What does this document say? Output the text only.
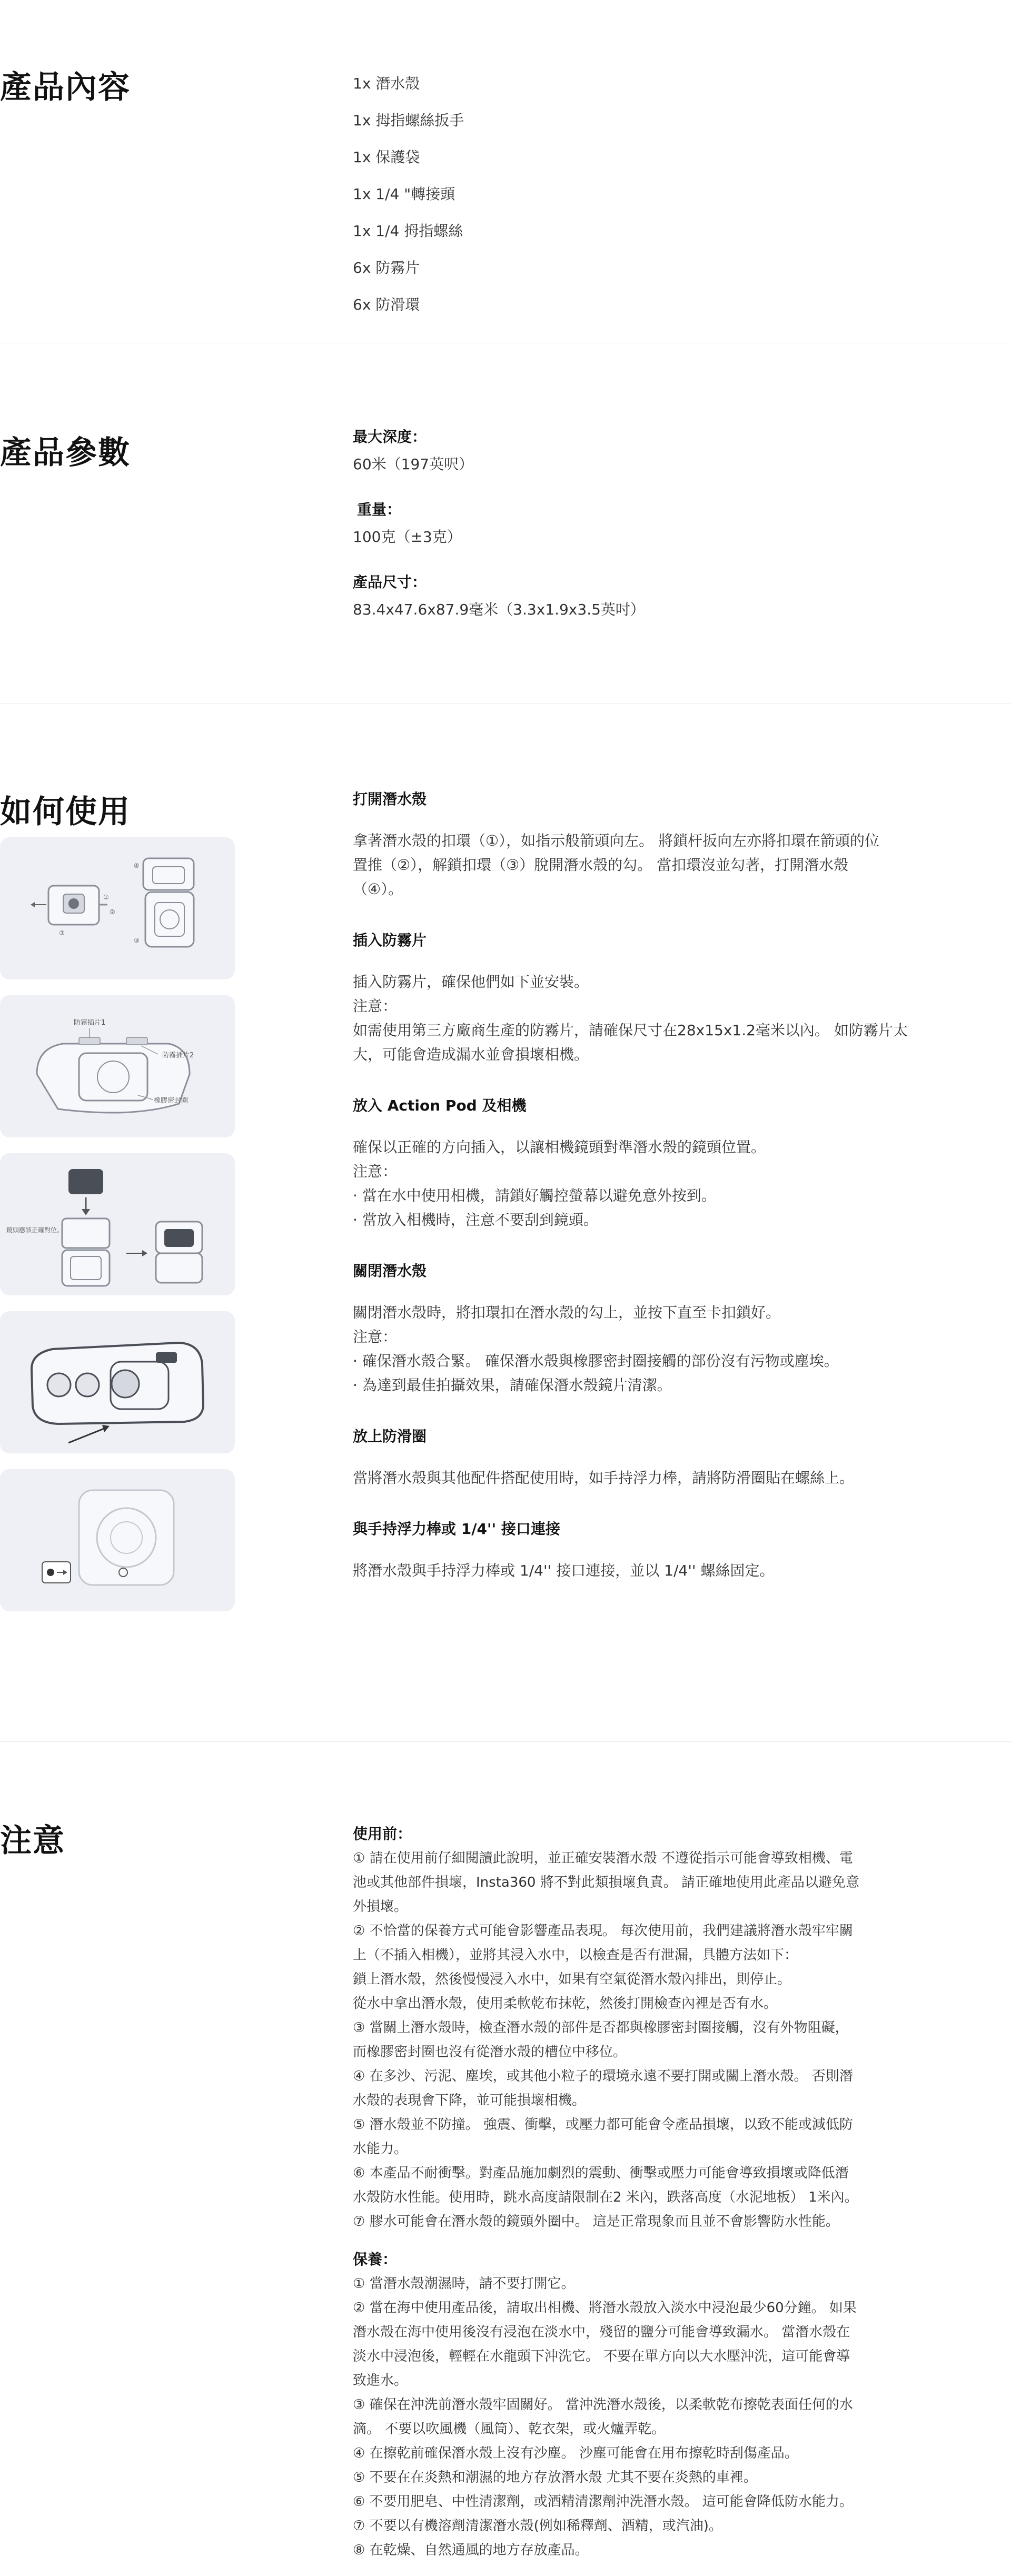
產品內容	1x 潛水殼
1x 拇指螺絲扳手
1x 保護袋
1x 1/4 "轉接頭
1x 1/4 拇指螺絲
6x 防霧片
6x 防滑環
產品參數	最大深度：
60米（197英呎）
重量：
100克（±3克）
產品尺寸：
83.4x47.6x87.9毫米（3.3x1.9x3.5英吋）
如何使用
①
②
③
④
③
防霧插片1
防霧插片2
橡膠密封圈
鏡頭應該正確對位。
打開潛水殼
拿著潛水殼的扣環（①），如指示般箭頭向左。 將鎖杆扳向左亦將扣環在箭頭的位
置推（②），解鎖扣環（③）脫開潛水殼的勾。 當扣環沒並勾著，打開潛水殼
（④）。
插入防霧片
插入防霧片，確保他們如下並安裝。
注意：
如需使用第三方廠商生產的防霧片，請確保尺寸在28x15x1.2毫米以內。 如防霧片太
大，可能會造成漏水並會損壞相機。
放入 Action Pod 及相機
確保以正確的方向插入，以讓相機鏡頭對準潛水殼的鏡頭位置。
注意：
· 當在水中使用相機，請鎖好觸控螢幕以避免意外按到。
· 當放入相機時，注意不要刮到鏡頭。
關閉潛水殼
關閉潛水殼時，將扣環扣在潛水殼的勾上，並按下直至卡扣鎖好。
注意：
· 確保潛水殼合緊。 確保潛水殼與橡膠密封圈接觸的部份沒有污物或塵埃。
· 為達到最佳拍攝效果，請確保潛水殼鏡片清潔。
放上防滑圈
當將潛水殼與其他配件搭配使用時，如手持浮力棒，請將防滑圈貼在螺絲上。
與手持浮力棒或 1/4'' 接口連接
將潛水殼與手持浮力棒或 1/4'' 接口連接，並以 1/4'' 螺絲固定。
注意	使用前：
① 請在使用前仔細閱讀此說明，並正確安裝潛水殼 不遵從指示可能會導致相機、電
池或其他部件損壞，Insta360 將不對此類損壞負責。 請正確地使用此產品以避免意
外損壞。
② 不恰當的保養方式可能會影響產品表現。 每次使用前，我們建議將潛水殼牢牢關
上（不插入相機），並將其浸入水中，以檢查是否有泄漏，具體方法如下：
鎖上潛水殼，然後慢慢浸入水中，如果有空氣從潛水殼內排出，則停止。
從水中拿出潛水殼，使用柔軟乾布抹乾，然後打開檢查內裡是否有水。
③ 當關上潛水殼時，檢查潛水殼的部件是否都與橡膠密封圈接觸，沒有外物阻礙，
而橡膠密封圈也沒有從潛水殼的槽位中移位。
④ 在多沙、污泥、塵埃，或其他小粒子的環境永遠不要打開或關上潛水殼。 否則潛
水殼的表現會下降，並可能損壞相機。
⑤ 潛水殼並不防撞。 強震、衝擊，或壓力都可能會令產品損壞，以致不能或減低防
水能力。
⑥ 本產品不耐衝擊。對產品施加劇烈的震動、衝擊或壓力可能會導致損壞或降低潛
水殼防水性能。使用時，跳水高度請限制在2 米內，跌落高度（水泥地板） 1米內。
⑦ 膠水可能會在潛水殼的鏡頭外圈中。 這是正常現象而且並不會影響防水性能。
保養：
① 當潛水殼潮濕時，請不要打開它。
② 當在海中使用產品後，請取出相機、將潛水殼放入淡水中浸泡最少60分鐘。 如果
潛水殼在海中使用後沒有浸泡在淡水中，殘留的鹽分可能會導致漏水。 當潛水殼在
淡水中浸泡後，輕輕在水龍頭下沖洗它。 不要在單方向以大水壓沖洗，這可能會導
致進水。
③ 確保在沖洗前潛水殼牢固關好。 當沖洗潛水殼後，以柔軟乾布擦乾表面任何的水
滴。 不要以吹風機（風筒）、乾衣架，或火爐弄乾。
④ 在擦乾前確保潛水殼上沒有沙塵。 沙塵可能會在用布擦乾時刮傷產品。
⑤ 不要在在炎熱和潮濕的地方存放潛水殼 尤其不要在炎熱的車裡。
⑥ 不要用肥皂、中性清潔劑，或酒精清潔劑沖洗潛水殼。 這可能會降低防水能力。
⑦ 不要以有機溶劑清潔潛水殼(例如稀釋劑、酒精，或汽油)。
⑧ 在乾燥、自然通風的地方存放產品。
